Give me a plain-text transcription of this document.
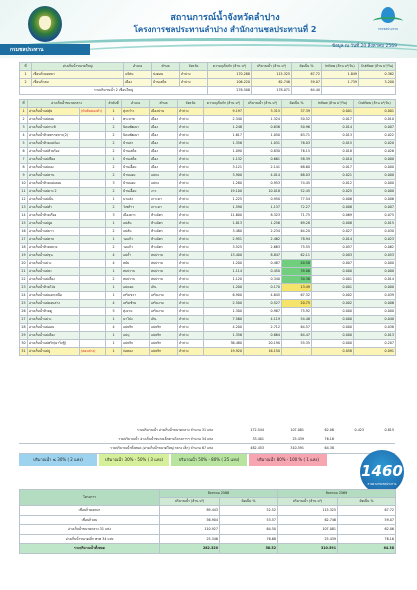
กรมชลประทาน
สถานการณ์น้ำจังหวัดลำปาง
โครงการชลประทานลำปาง สำนักงานชลประทานที่ 2	กรมชลประทาน
ข้อมูล ณ วันที่ 20 สิงหาคม 2569
ที่	อ่างเก็บน้ำขนาดใหญ่	อำเภอ	ตำบล	จังหวัด	ความจุเก็บกัก (ล้าน ม³)	ปริมาณน้ำ (ล้าน ม³)	คิดเป็น %	Inflow (ล้าน ม³/วัน)	Outflow (ล้าน ม³/วัน)
1	เขื่อนกิ่วคอหมา	แจ้ห่ม	ปงดอน	ลำปาง	170.288	115.325	67.72	1.849	0.362
2	เขื่อนกิ่วลม	เมือง	บ้านเสด็จ	ลำปาง	106.220	62.746	59.07	1.739	3.200
รวมปริมาณน้ำ 2 เขื่อนใหญ่					276.508	178.071	64.40		
ที่	อ่างเก็บน้ำขนาดกลาง		ลำดับที่	อำเภอ	ตำบล	จังหวัด	ความจุเก็บกัก (ล้าน ม³)	ปริมาณน้ำ (ล้าน ม³)	คิดเป็น %	Inflow (ล้าน ม³/วัน)	Outflow (ล้าน ม³/วัน)
1	อ่างเก็บน้ำแม่ตุ๋ย	(ทับทิมทองคำ)	1	ทุ่งกว๋าว	เมืองปาน	ลำปาง	9.197	3.315	37.39	0.001	0.001
2	อ่างเก็บน้ำแม่สอย		1	พระบาท	เมือง	ลำปาง	2.340	1.324	50.52	0.017	0.010
3	อ่างเก็บน้ำแม่กระทิ		2	นิคมพัฒนา	เมือง	ลำปาง	1.248	0.636	50.96	0.014	0.007
4	อ่างเก็บน้ำห้วยทรายขาว(2)		2	นิคมพัฒนา	เมือง	ลำปาง	1.617	1.050	63.71	0.013	0.022
5	อ่างเก็บน้ำห้วยแม่ก๋อง		2	บ้านค่า	เมือง	ลำปาง	1.356	1.031	76.03	0.015	0.020
6	อ่างเก็บน้ำแม่ห้วยร้อง		2	บ้านเสด็จ	เมือง	ลำปาง	1.090	0.830	76.15	0.018	0.026
7	อ่างเก็บน้ำแม่เฟือง		1	บ้านเสด็จ	เมือง	ลำปาง	1.132	0.661	58.39	0.010	0.000
8	อ่างเก็บน้ำแม่ลอง		2	บ้านเอื้อม	เมือง	ลำปาง	3.121	2.141	68.60	0.017	0.000
9	อ่างเก็บน้ำแม่ทาน		2	บ้านบอม	แม่ทะ	ลำปาง	3.900	4.014	68.03	0.021	0.000
10	อ่างเก็บน้ำห้วยแม่เลอม		3	บ้านบอม	แม่ทะ	ลำปาง	1.280	0.953	74.45	0.012	0.000
11	อ่างเก็บน้ำแม่ยาง 2		2	บ้านเอื้อม	งาว	ลำปาง	19.100	10.018	52.45	0.025	0.000
12	อ่างเก็บน้ำแม่เย็น		1	นาแส่ง	เกาะคา	ลำปาง	1.225	0.950	77.54	0.006	0.006
13	อ่างเก็บน้ำแม่ต่ำ		2	วังพร้าว	เกาะคา	ลำปาง	1.590	1.137	72.27	0.008	0.007
14	อ่างเก็บน้ำห้วยเรือง		3	เมืองยาว	ห้างฉัตร	ลำปาง	11.600	8.323	71.75	0.069	0.075
15	อ่างเก็บน้ำแม่ปูด		1	แม่สัน	ห้างฉัตร	ลำปาง	1.813	1.256	69.28	0.008	0.015
16	อ่างเก็บน้ำแม่ยาว		2	แม่สัน	ห้างฉัตร	ลำปาง	3.480	2.234	64.20	0.027	0.030
17	อ่างเก็บน้ำแม่ตาล		1	วอแก้ว	ห้างฉัตร	ลำปาง	2.951	2.462	78.94	0.014	0.023
18	อ่างเก็บน้ำห้วยหลวง		2	วอแก้ว	ห้างฉัตร	ลำปาง	3.525	2.663	75.55	0.057	0.062
19	อ่างเก็บน้ำแม่ขุน		4	แม่ถ้ำ	สบปราบ	ลำปาง	13.400	8.847	62.11	0.003	0.053
20	อ่างเก็บน้ำแม่วะ		4	สมัย	สบปราบ	ลำปาง	1.200	0.487	40.58	0.007	0.000
21	อ่างเก็บน้ำแม่ทะ		1	สบปราบ	สบปราบ	ลำปาง	1.114	0.450	39.06	0.000	0.000
22	อ่างเก็บน้ำแม่เลี้ยง		2	สบปราบ	สบปราบ	ลำปาง	1.120	0.340	30.36	0.001	0.014
23	อ่างเก็บน้ำห้วยโป่ง		1	แม่ถอด	เถิน	ลำปาง	1.200	0.170	13.49	0.001	0.000
24	อ่างเก็บน้ำแม่มอกเหนือ		1	เสริมขวา	เสริมงาม	ลำปาง	6.900	4.645	67.32	0.002	0.039
25	อ่างเก็บน้ำแม่ตอนล่าง		4	เสริมซ้าย	เสริมงาม	ลำปาง	2.500	0.527	20.75	0.002	0.006
26	อ่างเก็บน้ำห้วยดู		5	ทุ่งงาม	เสริมงาม	ลำปาง	1.300	0.987	75.92	0.000	0.000
27	อ่างเก็บน้ำแม่วะ		1	นาโป่ง	เถิน	ลำปาง	7.560	4.119	54.48	0.000	0.040
28	อ่างเก็บน้ำแม่ออน		4	แม่พริก	แม่พริก	ลำปาง	4.200	2.712	64.57	0.000	0.038
29	อ่างเก็บน้ำแม่เลียง		1	แม่ปุ	แม่พริก	ลำปาง	1.356	0.864	64.47	0.000	0.013
30	อ่างเก็บน้ำแม่พริก(ผาวิ่งชู้)		1	แม่พริก	แม่พริก	ลำปาง	36.480	20.190	55.35	0.000	0.207
31	อ่างเก็บน้ำแม่ปู	(ตอนล่าง)	1	ก่อทอง	แม่พริก	ลำปาง	19.920	16.150	81.07	0.058	0.091
รวมปริมาณน้ำ อ่างเก็บน้ำขนาดกลาง จำนวน 31 แห่ง	172.544	107.081	62.06	0.423	0.815
รวมปริมาณน้ำ อ่างเก็บน้ำขนาดเล็กตามโครงการฯ จำนวน 34 แห่ง	33.401	25.439	76.16		
รวมปริมาณน้ำทั้งหมด (อ่างเก็บน้ำขนาดใหญ่ กลาง เล็ก) จำนวน 67 แห่ง	482.453	310.591	64.38		
ปริมาณน้ำ ≤ 30% ( 2 แห่ง)	ปริมาณน้ำ 30% - 50% ( 3 แห่ง)	ปริมาณน้ำ 50% - 80% ( 25 แห่ง)	ปริมาณน้ำ 80% - 100 % ( 1 แห่ง)
1460
สายด่วนกรมชลประทาน
โครงการ	สิงหาคม 2568		สิงหาคม 2569	
	ปริมาณน้ำ (ล้าน ม³)	คิดเป็น %	ปริมาณน้ำ (ล้าน ม³)	คิดเป็น %
เขื่อนกิ่วคอหมา	89.443	52.52	115.325	67.72
เขื่อนกิ่วลม	56.904	53.57	62.746	59.07
อ่างเก็บน้ำขนาดกลาง 31 แห่ง	110.927	64.50	107.081	62.06
อ่างเก็บน้ำขนาดเล็ก พรพ 34 แห่ง	25.346	76.68	25.439	76.16
รวมปริมาณน้ำทั้งหมด	282.320	58.52	310.591	64.38
